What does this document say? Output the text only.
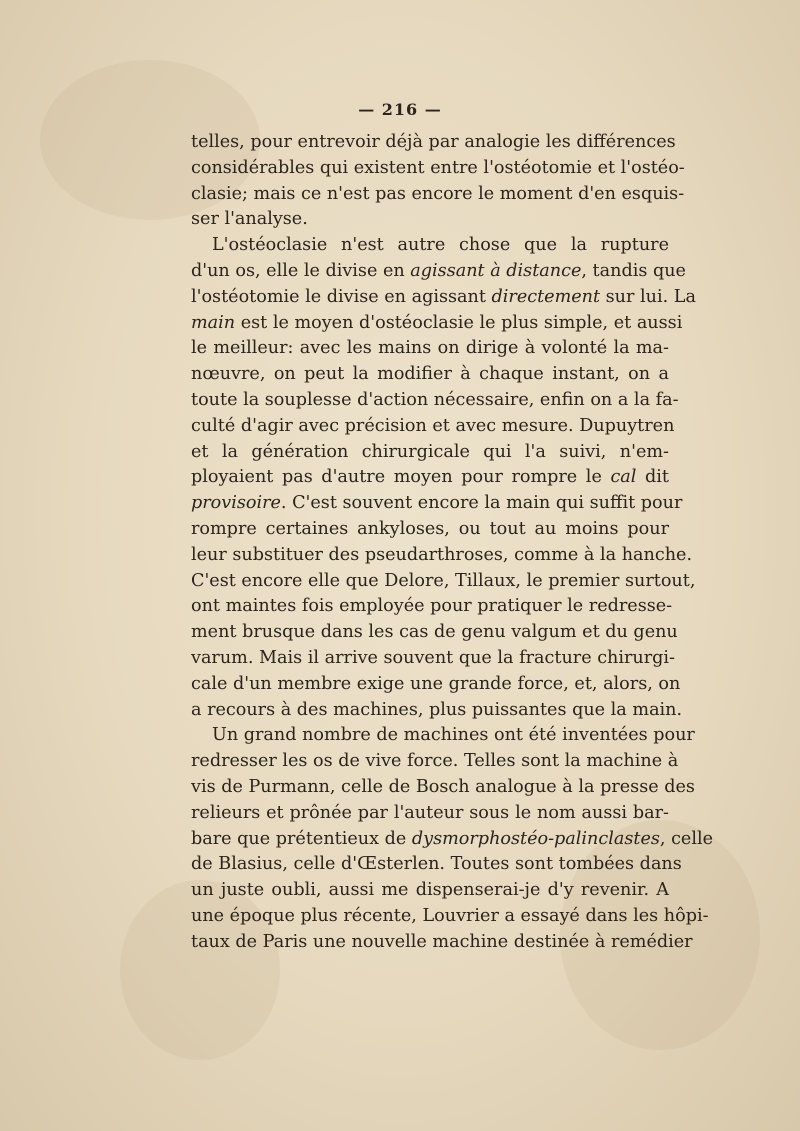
— 216 —
telles, pour entrevoir déjà par analogie les différences
considérables qui existent entre l'ostéotomie et l'ostéo-
clasie; mais ce n'est pas encore le moment d'en esquis-
ser l'analyse.
L'ostéoclasie n'est autre chose que la rupture
d'un os, elle le divise en agissant à distance, tandis que
l'ostéotomie le divise en agissant directement sur lui. La
main est le moyen d'ostéoclasie le plus simple, et aussi
le meilleur: avec les mains on dirige à volonté la ma-
nœuvre, on peut la modifier à chaque instant, on a
toute la souplesse d'action nécessaire, enfin on a la fa-
culté d'agir avec précision et avec mesure. Dupuytren
et la génération chirurgicale qui l'a suivi, n'em-
ployaient pas d'autre moyen pour rompre le cal dit
provisoire. C'est souvent encore la main qui suffit pour
rompre certaines ankyloses, ou tout au moins pour
leur substituer des pseudarthroses, comme à la hanche.
C'est encore elle que Delore, Tillaux, le premier surtout,
ont maintes fois employée pour pratiquer le redresse-
ment brusque dans les cas de genu valgum et du genu
varum. Mais il arrive souvent que la fracture chirurgi-
cale d'un membre exige une grande force, et, alors, on
a recours à des machines, plus puissantes que la main.
Un grand nombre de machines ont été inventées pour
redresser les os de vive force. Telles sont la machine à
vis de Purmann, celle de Bosch analogue à la presse des
relieurs et prônée par l'auteur sous le nom aussi bar-
bare que prétentieux de dysmorphostéo-palinclastes, celle
de Blasius, celle d'Œsterlen. Toutes sont tombées dans
un juste oubli, aussi me dispenserai-je d'y revenir. A
une époque plus récente, Louvrier a essayé dans les hôpi-
taux de Paris une nouvelle machine destinée à remédier
